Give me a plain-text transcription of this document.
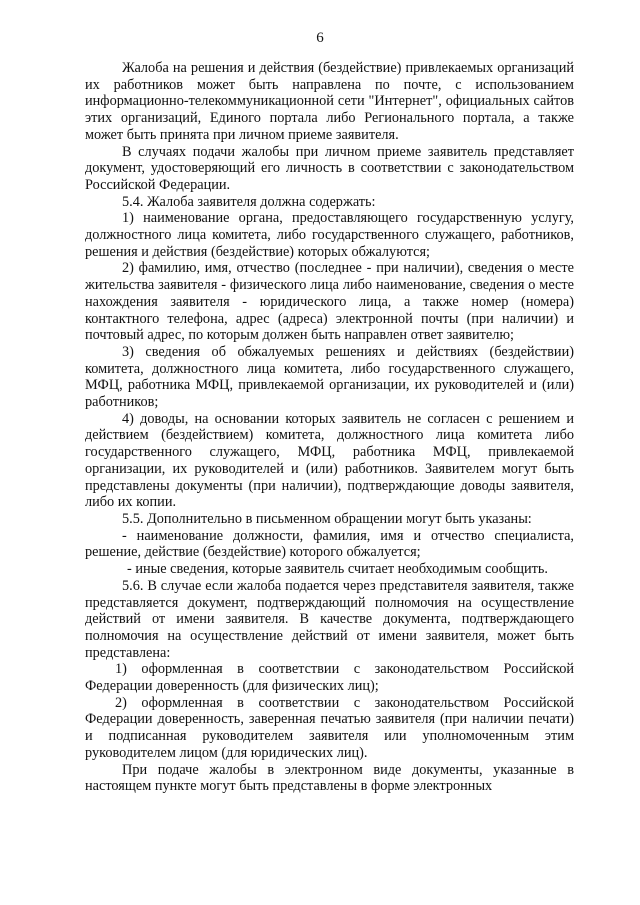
6

Жалоба на решения и действия (бездействие) привлекаемых организаций их работников может быть направлена по почте, с использованием информационно-телекоммуникационной сети "Интернет", официальных сайтов этих организаций, Единого портала либо Регионального портала, а также может быть принята при личном приеме заявителя.

В случаях подачи жалобы при личном приеме заявитель представляет документ, удостоверяющий его личность в соответствии с законодательством Российской Федерации.

5.4. Жалоба заявителя должна содержать:

1) наименование органа, предоставляющего государственную услугу, должностного лица комитета, либо государственного служащего, работников, решения и действия (бездействие) которых обжалуются;

2) фамилию, имя, отчество (последнее - при наличии), сведения о месте жительства заявителя - физического лица либо наименование, сведения о месте нахождения заявителя - юридического лица, а также номер (номера) контактного телефона, адрес (адреса) электронной почты (при наличии) и почтовый адрес, по которым должен быть направлен ответ заявителю;

3) сведения об обжалуемых решениях и действиях (бездействии) комитета, должностного лица комитета, либо государственного служащего, МФЦ, работника МФЦ, привлекаемой организации, их руководителей и (или) работников;

4) доводы, на основании которых заявитель не согласен с решением и действием (бездействием) комитета, должностного лица комитета либо государственного служащего, МФЦ, работника МФЦ, привлекаемой организации, их руководителей и (или) работников. Заявителем могут быть представлены документы (при наличии), подтверждающие доводы заявителя, либо их копии.

5.5. Дополнительно в письменном обращении могут быть указаны:

- наименование должности, фамилия, имя и отчество специалиста, решение, действие (бездействие) которого обжалуется;

- иные сведения, которые заявитель считает необходимым сообщить.

5.6. В случае если жалоба подается через представителя заявителя, также представляется документ, подтверждающий полномочия на осуществление действий от имени заявителя. В качестве документа, подтверждающего полномочия на осуществление действий от имени заявителя, может быть представлена:

1) оформленная в соответствии с законодательством Российской Федерации доверенность (для физических лиц);

2) оформленная в соответствии с законодательством Российской Федерации доверенность, заверенная печатью заявителя (при наличии печати) и подписанная руководителем заявителя или уполномоченным этим руководителем лицом (для юридических лиц).

При подаче жалобы в электронном виде документы, указанные в настоящем пункте могут быть представлены в форме электронных
